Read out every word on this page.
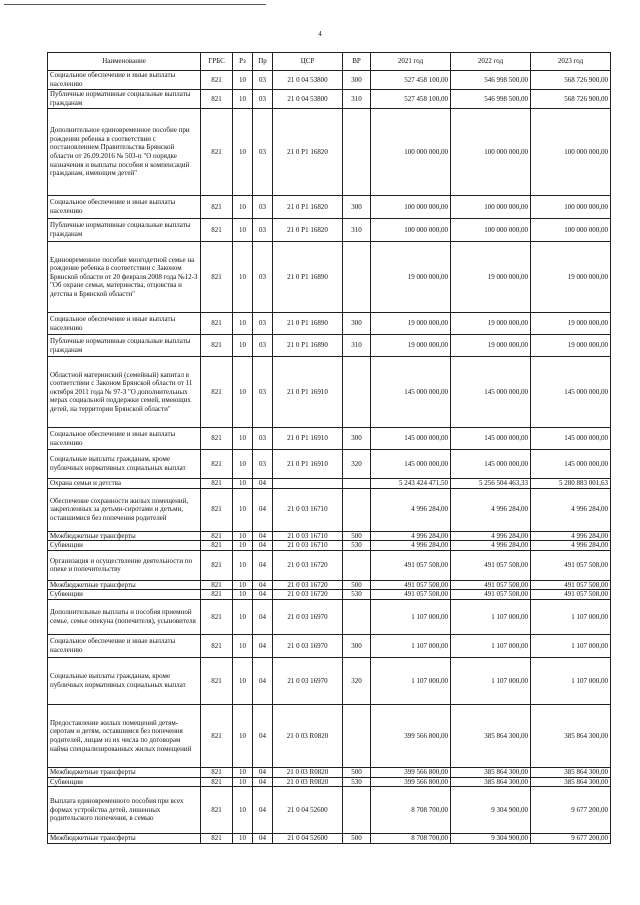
4
Наименование	ГРБС	Рз	Пр	ЦСР	ВР	2021 год	2022 год	2023 год
Социальное обеспечение и иные выплаты населению	821	10	03	21 0 04 53800	300	527 458 100,00	546 998 500,00	568 726 900,00
Публичные нормативные социальные выплаты гражданам	821	10	03	21 0 04 53800	310	527 458 100,00	546 998 500,00	568 726 900,00
Дополнительное единовременное пособие при рождении ребенка в соответствии с постановлением Правительства Брянской области от 26.09.2016 № 503-п "О порядке назначения и выплаты пособия и компенсаций гражданам, имеющим детей"	821	10	03	21 0 P1 16820		100 000 000,00	100 000 000,00	100 000 000,00
Социальное обеспечение и иные выплаты населению	821	10	03	21 0 P1 16820	300	100 000 000,00	100 000 000,00	100 000 000,00
Публичные нормативные социальные выплаты гражданам	821	10	03	21 0 P1 16820	310	100 000 000,00	100 000 000,00	100 000 000,00
Единовременное пособие многодетной семье на рождение ребенка в соответствии с Законом Брянской области от 20 февраля 2008 года №12-З "Об охране семьи, материнства, отцовства и детства в Брянской области"	821	10	03	21 0 P1 16890		19 000 000,00	19 000 000,00	19 000 000,00
Социальное обеспечение и иные выплаты населению	821	10	03	21 0 P1 16890	300	19 000 000,00	19 000 000,00	19 000 000,00
Публичные нормативные социальные выплаты гражданам	821	10	03	21 0 P1 16890	310	19 000 000,00	19 000 000,00	19 000 000,00
Областной материнский (семейный) капитал в соответствии с Законом Брянской области от 11 октября 2011 года № 97-З "О дополнительных мерах социальной поддержки семей, имеющих детей, на территории Брянской области"	821	10	03	21 0 P1 16910		145 000 000,00	145 000 000,00	145 000 000,00
Социальное обеспечение и иные выплаты населению	821	10	03	21 0 P1 16910	300	145 000 000,00	145 000 000,00	145 000 000,00
Социальные выплаты гражданам, кроме публичных нормативных социальных выплат	821	10	03	21 0 P1 16910	320	145 000 000,00	145 000 000,00	145 000 000,00
Охрана семьи и детства	821	10	04			5 243 424 471,50	5 256 504 463,33	5 280 883 001,63
Обеспечение сохранности жилых помещений, закрепленных за детьми-сиротами и детьми, оставшимися без попечения родителей	821	10	04	21 0 03 16710		4 996 284,00	4 996 284,00	4 996 284,00
Межбюджетные трансферты	821	10	04	21 0 03 16710	500	4 996 284,00	4 996 284,00	4 996 284,00
Субвенции	821	10	04	21 0 03 16710	530	4 996 284,00	4 996 284,00	4 996 284,00
Организация и осуществление деятельности по опеке и попечительству	821	10	04	21 0 03 16720		491 057 508,00	491 057 508,00	491 057 508,00
Межбюджетные трансферты	821	10	04	21 0 03 16720	500	491 057 508,00	491 057 508,00	491 057 508,00
Субвенции	821	10	04	21 0 03 16720	530	491 057 508,00	491 057 508,00	491 057 508,00
Дополнительные выплаты и пособия приемной семье, семье опекуна (попечителя), усыновителя	821	10	04	21 0 03 16970		1 107 000,00	1 107 000,00	1 107 000,00
Социальное обеспечение и иные выплаты населению	821	10	04	21 0 03 16970	300	1 107 000,00	1 107 000,00	1 107 000,00
Социальные выплаты гражданам, кроме публичных нормативных социальных выплат	821	10	04	21 0 03 16970	320	1 107 000,00	1 107 000,00	1 107 000,00
Предоставление жилых помещений детям-сиротам и детям, оставшимся без попечения родителей, лицам из их числа по договорам найма специализированных жилых помещений	821	10	04	21 0 03 R0820		399 566 800,00	385 864 300,00	385 864 300,00
Межбюджетные трансферты	821	10	04	21 0 03 R0820	500	399 566 800,00	385 864 300,00	385 864 300,00
Субвенции	821	10	04	21 0 03 R0820	530	399 566 800,00	385 864 300,00	385 864 300,00
Выплата единовременного пособия при всех формах устройства детей, лишенных родительского попечения, в семью	821	10	04	21 0 04 52600		8 708 700,00	9 304 900,00	9 677 200,00
Межбюджетные трансферты	821	10	04	21 0 04 52600	500	8 708 700,00	9 304 900,00	9 677 200,00
